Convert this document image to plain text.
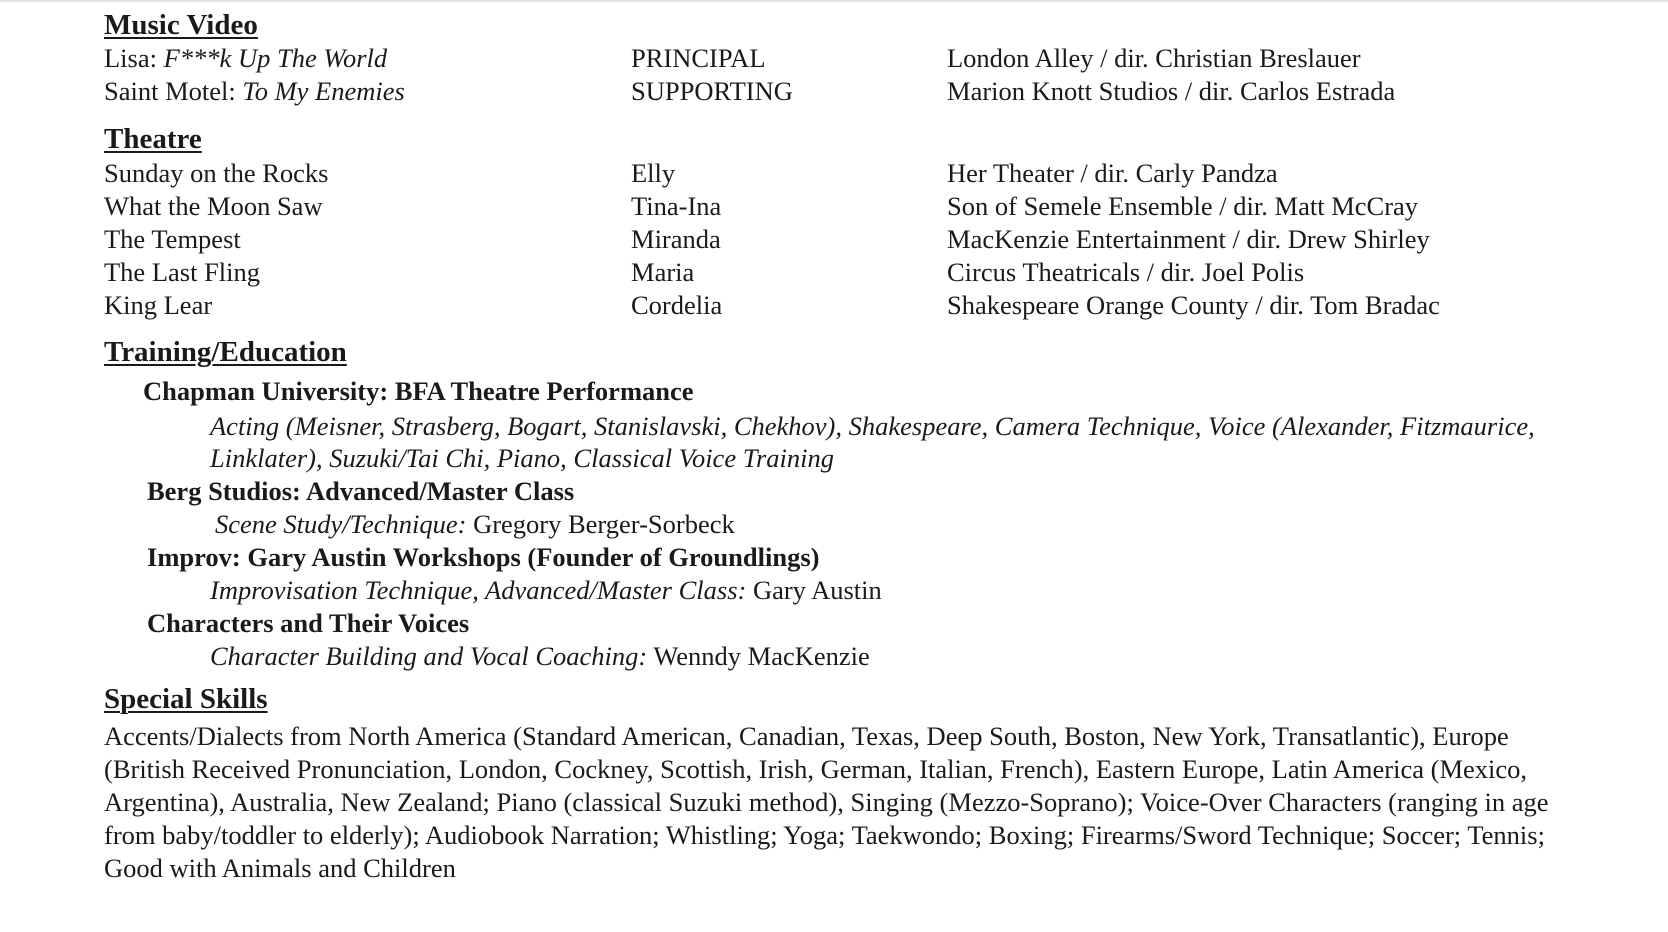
Music Video
Lisa: F***k Up The World	PRINCIPAL	London Alley / dir. Christian Breslauer
Saint Motel: To My Enemies	SUPPORTING	Marion Knott Studios / dir. Carlos Estrada
Theatre
Sunday on the Rocks	Elly	Her Theater / dir. Carly Pandza
What the Moon Saw	Tina-Ina	Son of Semele Ensemble / dir. Matt McCray
The Tempest	Miranda	MacKenzie Entertainment / dir. Drew Shirley
The Last Fling	Maria	Circus Theatricals / dir. Joel Polis
King Lear	Cordelia	Shakespeare Orange County / dir. Tom Bradac
Training/Education
Chapman University: BFA Theatre Performance
Acting (Meisner, Strasberg, Bogart, Stanislavski, Chekhov), Shakespeare, Camera Technique, Voice (Alexander, Fitzmaurice,
Linklater), Suzuki/Tai Chi, Piano, Classical Voice Training
Berg Studios: Advanced/Master Class
Scene Study/Technique: Gregory Berger-Sorbeck
Improv: Gary Austin Workshops (Founder of Groundlings)
Improvisation Technique, Advanced/Master Class: Gary Austin
Characters and Their Voices
Character Building and Vocal Coaching: Wenndy MacKenzie
Special Skills
Accents/Dialects from North America (Standard American, Canadian, Texas, Deep South, Boston, New York, Transatlantic), Europe
(British Received Pronunciation, London, Cockney, Scottish, Irish, German, Italian, French), Eastern Europe, Latin America (Mexico,
Argentina), Australia, New Zealand; Piano (classical Suzuki method), Singing (Mezzo-Soprano); Voice-Over Characters (ranging in age
from baby/toddler to elderly); Audiobook Narration; Whistling; Yoga; Taekwondo; Boxing; Firearms/Sword Technique; Soccer; Tennis;
Good with Animals and Children
